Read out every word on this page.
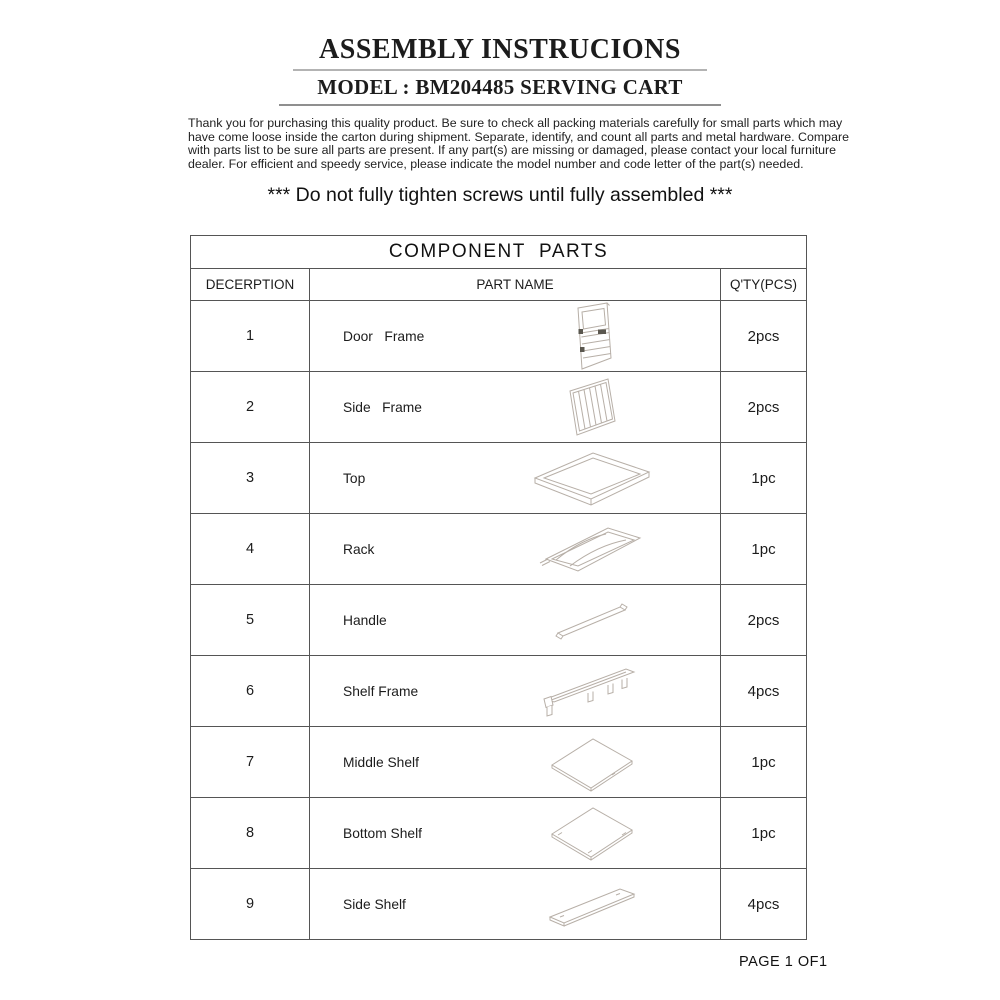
ASSEMBLY INSTRUCIONS
MODEL : BM204485 SERVING CART
Thank you for purchasing this quality product. Be sure to check all packing materials carefully for small parts which may
have come loose inside the carton during shipment. Separate, identify, and count all parts and metal hardware. Compare
with parts list to be sure all parts are present. If any part(s) are missing or damaged, please contact your local furniture
dealer. For efficient and speedy service, please indicate the model number and code letter of the part(s) needed.
*** Do not fully tighten screws until fully assembled ***
COMPONENT  PARTS
DECERPTION	PART NAME	Q'TY(PCS)
1	Door   Frame	2pcs
2	Side   Frame	2pcs
3	Top	1pc
4	Rack	1pc
5	Handle	2pcs
6	Shelf Frame	4pcs
7	Middle Shelf	1pc
8	Bottom Shelf	1pc
9	Side Shelf	4pcs
PAGE 1 OF1
